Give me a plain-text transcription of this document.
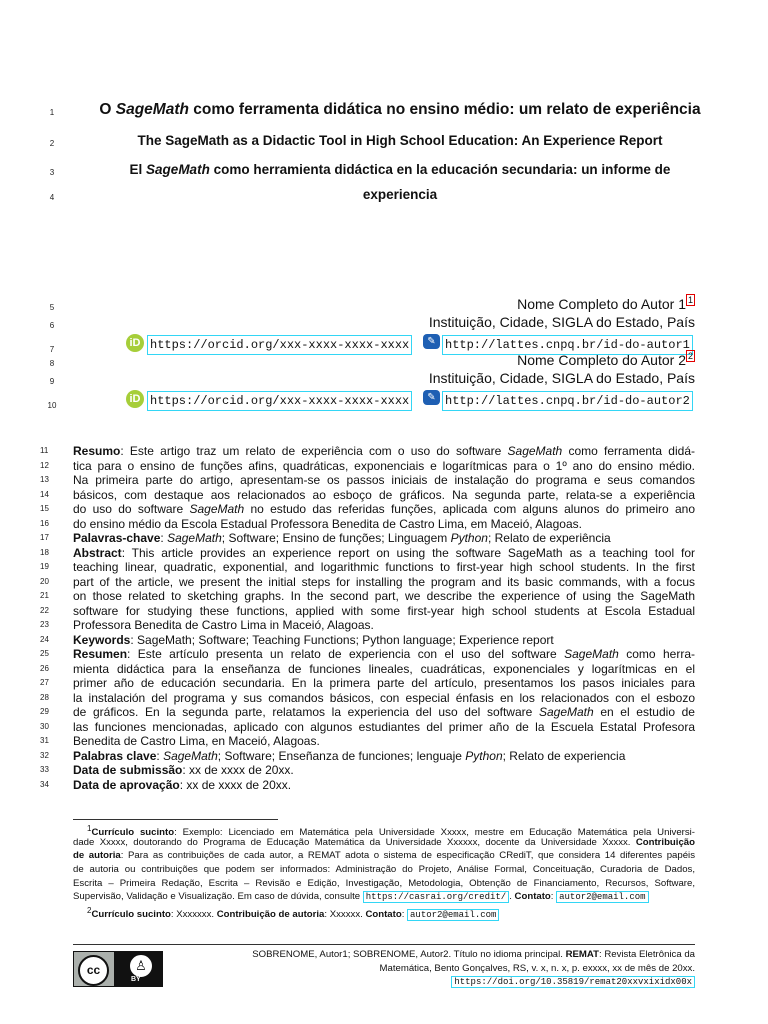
1	O SageMath como ferramenta didática no ensino médio: um relato de experiência
2	The SageMath as a Didactic Tool in High School Education: An Experience Report
3	El SageMath como herramienta didáctica en la educación secundaria: un informe de
4	experiencia
5	Nome Completo do Autor 1 $^1$
6	Instituição, Cidade, SIGLA do Estado, País
7
iD https://orcid.org/xxx-xxxx-xxxx-xxxx	✎ http://lattes.cnpq.br/id-do-autor1
8	Nome Completo do Autor 2 $^2$
9	Instituição, Cidade, SIGLA do Estado, País
10
iD https://orcid.org/xxx-xxxx-xxxx-xxxx	✎ http://lattes.cnpq.br/id-do-autor2
11	Resumo: Este artigo traz um relato de experiência com o uso do software SageMath como ferramenta didá-
12	tica para o ensino de funções afins, quadráticas, exponenciais e logarítmicas para o 1º ano do ensino médio.
13	Na primeira parte do artigo, apresentam-se os passos iniciais de instalação do programa e seus comandos
14	básicos, com destaque aos relacionados ao esboço de gráficos. Na segunda parte, relata-se a experiência
15	do uso do software SageMath no estudo das referidas funções, aplicada com alguns alunos do primeiro ano
16	do ensino médio da Escola Estadual Professora Benedita de Castro Lima, em Maceió, Alagoas.
17	Palavras-chave: SageMath; Software; Ensino de funções; Linguagem Python; Relato de experiência
18	Abstract: This article provides an experience report on using the software SageMath as a teaching tool for
19	teaching linear, quadratic, exponential, and logarithmic functions to first-year high school students. In the first
20	part of the article, we present the initial steps for installing the program and its basic commands, with a focus
21	on those related to sketching graphs. In the second part, we describe the experience of using the SageMath
22	software for studying these functions, applied with some first-year high school students at Escola Estadual
23	Professora Benedita de Castro Lima in Maceió, Alagoas.
24	Keywords: SageMath; Software; Teaching Functions; Python language; Experience report
25	Resumen: Este artículo presenta un relato de experiencia con el uso del software SageMath como herra-
26	mienta didáctica para la enseñanza de funciones lineales, cuadráticas, exponenciales y logarítmicas en el
27	primer año de educación secundaria. En la primera parte del artículo, presentamos los pasos iniciales para
28	la instalación del programa y sus comandos básicos, con especial énfasis en los relacionados con el esbozo
29	de gráficos. En la segunda parte, relatamos la experiencia del uso del software SageMath en el estudio de
30	las funciones mencionadas, aplicado con algunos estudiantes del primer año de la Escuela Estatal Profesora
31	Benedita de Castro Lima, en Maceió, Alagoas.
32	Palabras clave: SageMath; Software; Enseñanza de funciones; lenguaje Python; Relato de experiencia
33	Data de submissão: xx de xxxx de 20xx.
34	Data de aprovação: xx de xxxx de 20xx.
$^1$Currículo sucinto: Exemplo: Licenciado em Matemática pela Universidade Xxxxx, mestre em Educação Matemática pela Universi-
dade Xxxxx, doutorando do Programa de Educação Matemática da Universidade Xxxxxx, docente da Universidade Xxxxx. Contribuição
de autoria: Para as contribuições de cada autor, a REMAT adota o sistema de especificação CRediT, que considera 14 diferentes papéis
de autoria ou contribuições que podem ser informados: Administração do Projeto, Análise Formal, Conceituação, Curadoria de Dados,
Escrita – Primeira Redação, Escrita – Revisão e Edição, Investigação, Metodologia, Obtenção de Financiamento, Recursos, Software,
Supervisão, Validação e Visualização. Em caso de dúvida, consulte https://casrai.org/credit/ . Contato: autor2@email.com
$^2$Currículo sucinto: Xxxxxxx. Contribuição de autoria: Xxxxxx. Contato: autor2@email.com
cc	♙
BY
SOBRENOME, Autor1; SOBRENOME, Autor2. Título no idioma principal. REMAT: Revista Eletrônica da
Matemática, Bento Gonçalves, RS, v. x, n. x, p. exxxx, xx de mês de 20xx.
https://doi.org/10.35819/remat20xxvxixidx00x
